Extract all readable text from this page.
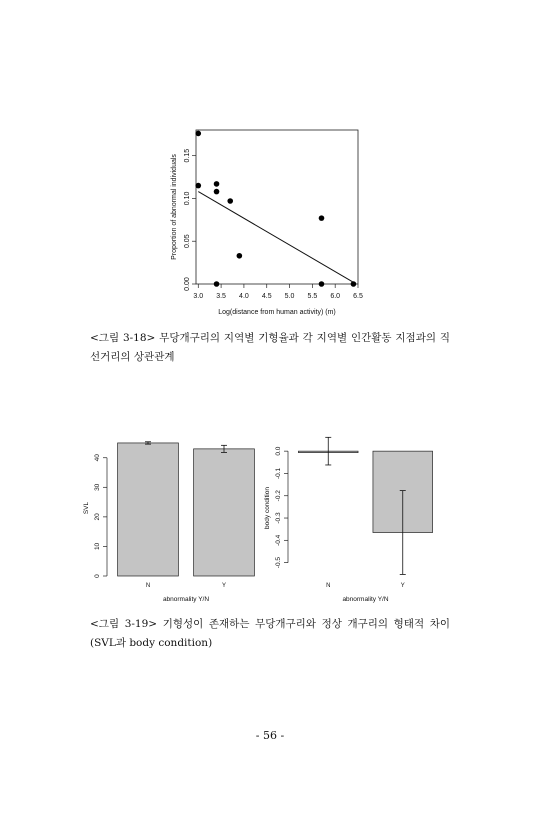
3.0 3.5 4.0 4.5 5.0 5.5 6.0 6.5
0.00
0.05
0.10
0.15
Log(distance from human activity) (m)
Proportion of abnormal individuals
<그림 3-18> 무당개구리의 지역별 기형율과 각 지역별 인간활동 지점과의 직선거리의 상관관계
0
10
20
30
40
SVL
N	Y
abnormality Y/N
0.0
-0.1
-0.2
-0.3
-0.4
-0.5
body condition
N	Y
abnormality Y/N
<그림 3-19> 기형성이 존재하는 무당개구리와 정상 개구리의 형태적 차이 (SVL과 body condition)
- 56 -
